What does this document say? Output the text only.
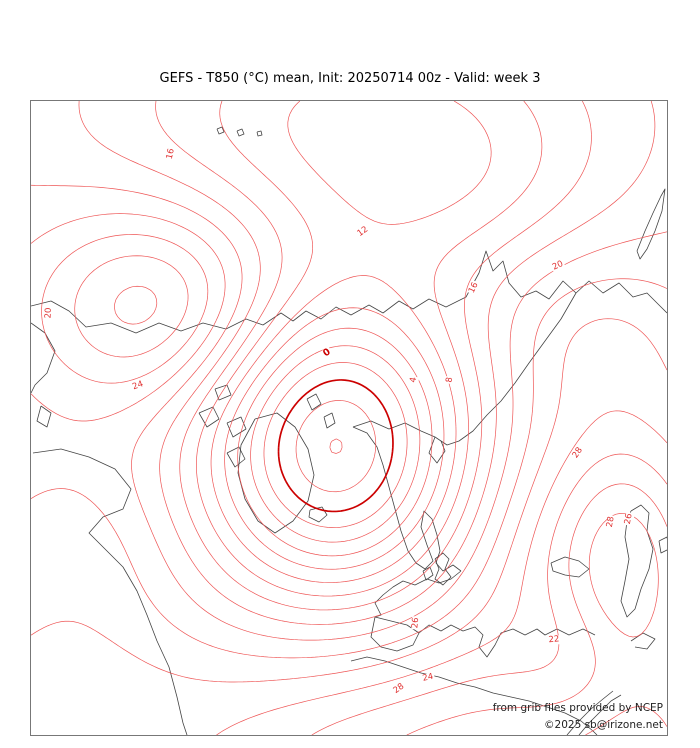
GEFS - T850 (°C) mean, Init: 20250714 00z - Valid: week 3
16
12
20
16
20
24
0
4	8
28
28 26
22
26
24
28
from grib files provided by NCEP
©2025 sb@irizone.net
